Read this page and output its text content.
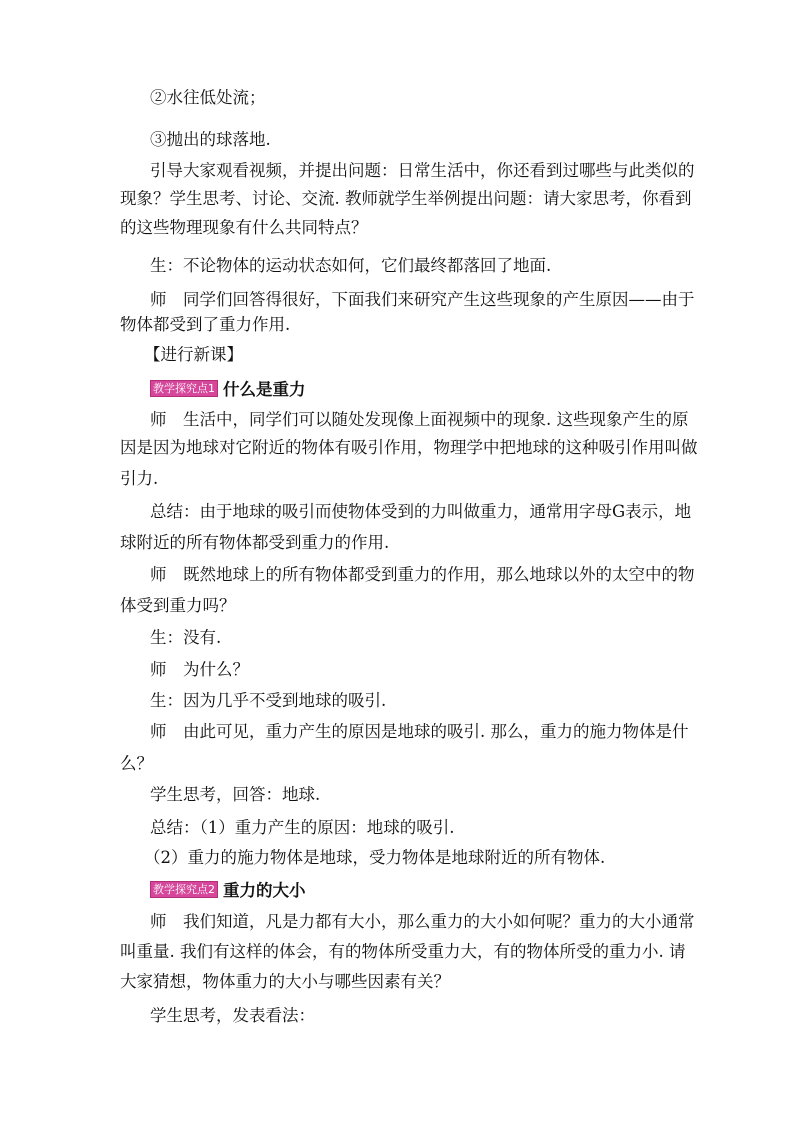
②水往低处流；
③抛出的球落地.
引导大家观看视频，并提出问题：日常生活中，你还看到过哪些与此类似的
现象？学生思考、讨论、交流. 教师就学生举例提出问题：请大家思考，你看到
的这些物理现象有什么共同特点？
生：不论物体的运动状态如何，它们最终都落回了地面.
师　同学们回答得很好，下面我们来研究产生这些现象的产生原因——由于
物体都受到了重力作用.
【进行新课】
教学探究点1 什么是重力
师　生活中，同学们可以随处发现像上面视频中的现象. 这些现象产生的原
因是因为地球对它附近的物体有吸引作用，物理学中把地球的这种吸引作用叫做
引力.
总结：由于地球的吸引而使物体受到的力叫做重力，通常用字母G表示，地
球附近的所有物体都受到重力的作用.
师　既然地球上的所有物体都受到重力的作用，那么地球以外的太空中的物
体受到重力吗？
生：没有.
师　为什么？
生：因为几乎不受到地球的吸引.
师　由此可见，重力产生的原因是地球的吸引. 那么，重力的施力物体是什
么？
学生思考，回答：地球.
总结：（1）重力产生的原因：地球的吸引.
（2）重力的施力物体是地球，受力物体是地球附近的所有物体.
教学探究点2 重力的大小
师　我们知道，凡是力都有大小，那么重力的大小如何呢？重力的大小通常
叫重量. 我们有这样的体会，有的物体所受重力大，有的物体所受的重力小. 请
大家猜想，物体重力的大小与哪些因素有关？
学生思考，发表看法：
